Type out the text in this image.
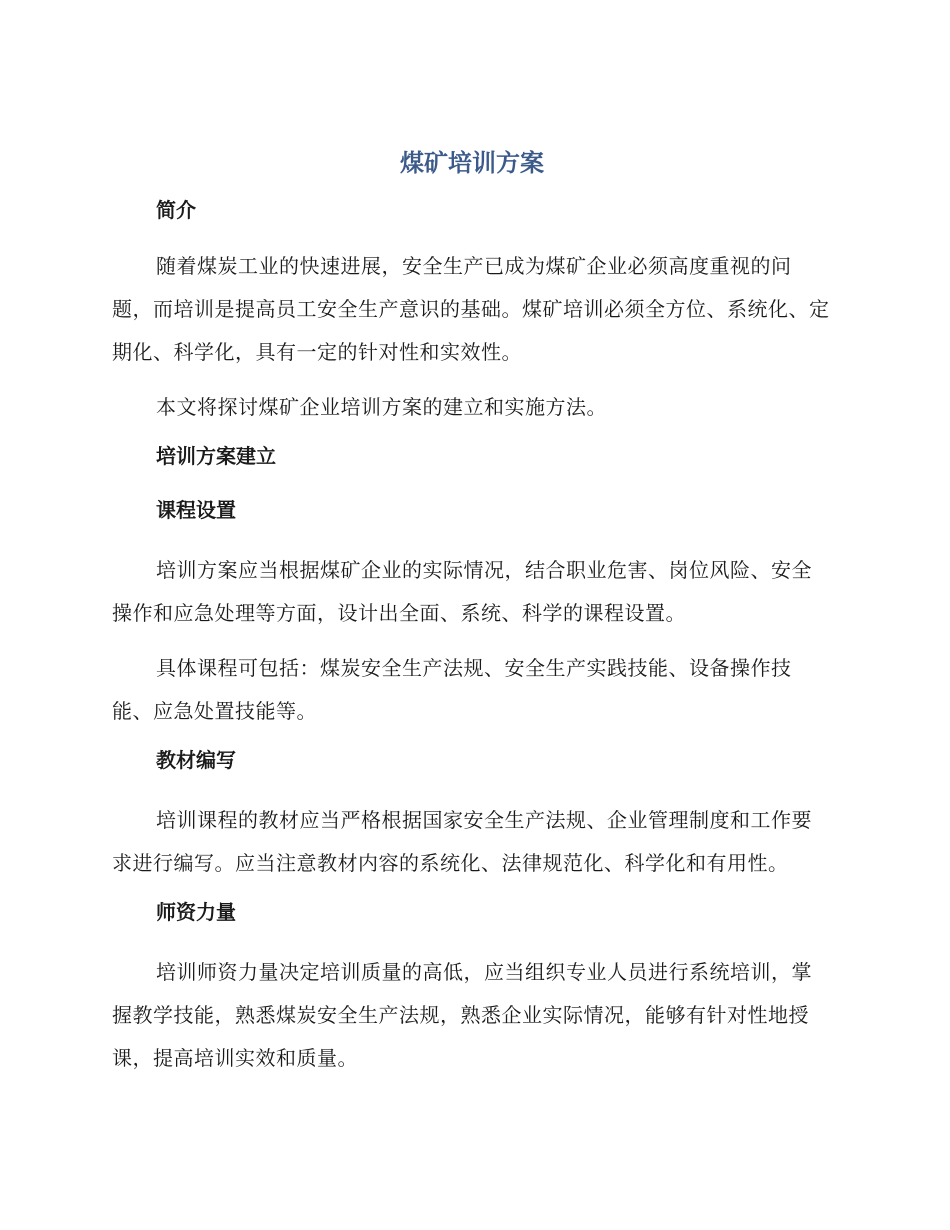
煤矿培训方案
简介

随着煤炭工业的快速进展，安全生产已成为煤矿企业必须高度重视的问题，而培训是提高员工安全生产意识的基础。煤矿培训必须全方位、系统化、定期化、科学化，具有一定的针对性和实效性。

本文将探讨煤矿企业培训方案的建立和实施方法。

培训方案建立
课程设置

培训方案应当根据煤矿企业的实际情况，结合职业危害、岗位风险、安全操作和应急处理等方面，设计出全面、系统、科学的课程设置。

具体课程可包括：煤炭安全生产法规、安全生产实践技能、设备操作技能、应急处置技能等。

教材编写

培训课程的教材应当严格根据国家安全生产法规、企业管理制度和工作要求进行编写。应当注意教材内容的系统化、法律规范化、科学化和有用性。

师资力量

培训师资力量决定培训质量的高低，应当组织专业人员进行系统培训，掌握教学技能，熟悉煤炭安全生产法规，熟悉企业实际情况，能够有针对性地授课，提高培训实效和质量。
